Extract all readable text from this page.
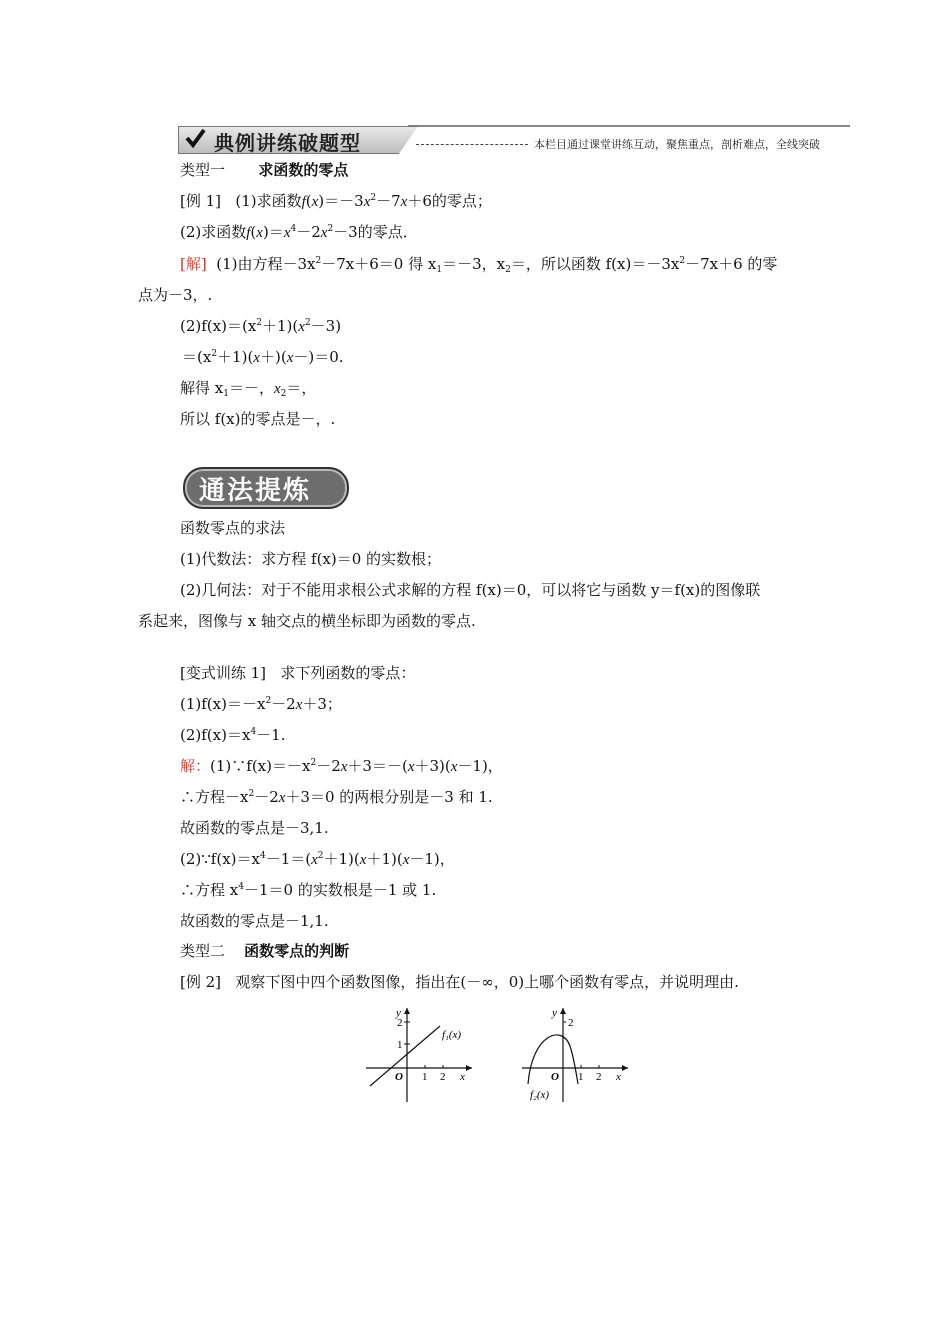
典例讲练破题型	本栏目通过课堂讲练互动，聚焦重点，剖析难点，全线突破
类型一 求函数的零点
[例 1] (1)求函数$f(x)=-3x^2-7x+6$的零点；
(2)求函数$f(x)=x^4-2x^2-3$的零点．
[解] (1)由方程$-3x^2-7x+6=0$ 得 $x_1=-3$，$x_2=$，所以函数 $f(x)=-3x^2-7x+6$ 的零
点为－3，.
$(2)f(x)=(x^2+1)(x^2-3)$
$=(x^2+1)(x+)(x-)=0$.
解得 $x_1=-$，$x_2=$，
所以 f(x)的零点是－，.
通法提炼
函数零点的求法
(1)代数法：求方程 f(x)＝0 的实数根；
(2)几何法：对于不能用求根公式求解的方程 f(x)＝0，可以将它与函数 y＝f(x)的图像联
系起来，图像与 x 轴交点的横坐标即为函数的零点.
[变式训练 1] 求下列函数的零点：
$(1)f(x)=-x^2-2x+3$；
$(2)f(x)=x^4-1$.
解：$(1)\because f(x)=-x^2-2x+3=-(x+3)(x-1)$，
∴方程$-x^2-2x+3=0$ 的两根分别是－3 和 1.
故函数的零点是－3,1.
$(2)\because f(x)=x^4-1=(x^2+1)(x+1)(x-1)$，
∴方程 $x^4-1=0$ 的实数根是－1 或 1.
故函数的零点是－1,1.
类型二 函数零点的判断
[例 2] 观察下图中四个函数图像，指出在(－∞，0)上哪个函数有零点，并说明理由.
y
2
1
O 1 2 x
f₁(x)
y
2
O 1 2 x
f₂(x)
